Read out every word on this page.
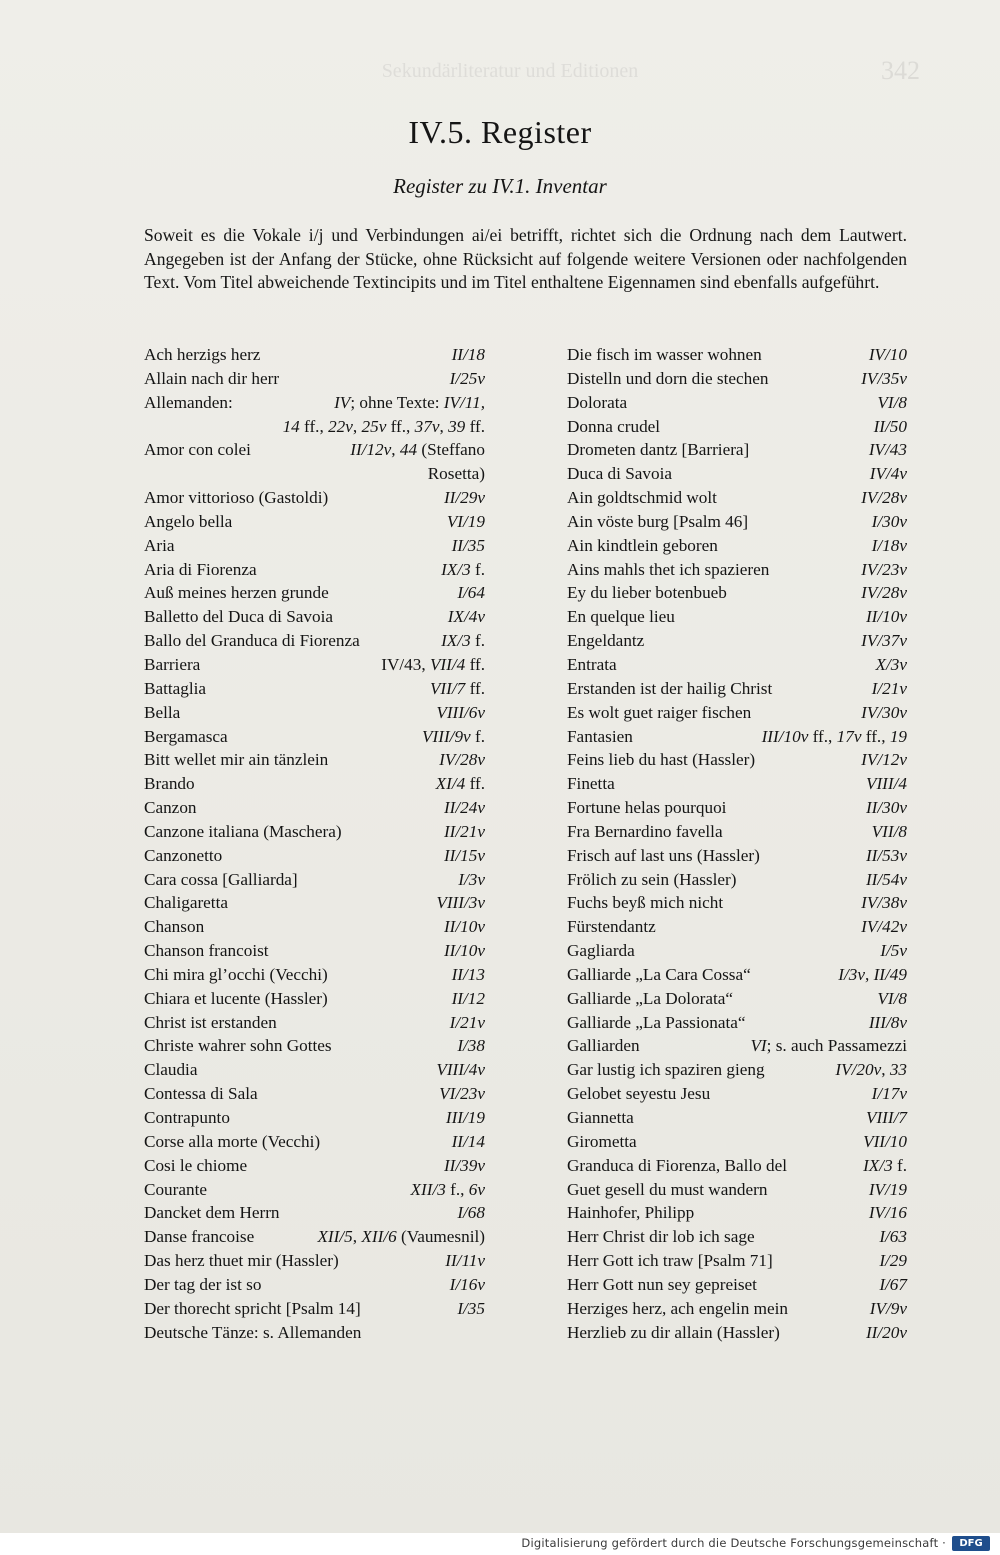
Sekundärliteratur und Editionen	342
IV.5. Register
Register zu IV.1. Inventar

Soweit es die Vokale i/j und Verbindungen ai/ei betrifft, richtet sich die Ordnung nach dem Lautwert. Angegeben ist der Anfang der Stücke, ohne Rücksicht auf folgende weitere Versionen oder nachfolgenden Text. Vom Titel abweichende Textincipits und im Titel enthaltene Eigennamen sind ebenfalls aufgeführt.

Ach herzigs herz	II/18
Allain nach dir herr	I/25v
Allemanden:	IV; ohne Texte: IV/11,
14 ff., 22v, 25v ff., 37v, 39 ff.
Amor con colei	II/12v, 44 (Steffano
Rosetta)
Amor vittorioso (Gastoldi)	II/29v
Angelo bella	VI/19
Aria	II/35
Aria di Fiorenza	IX/3 f.
Auß meines herzen grunde	I/64
Balletto del Duca di Savoia	IX/4v
Ballo del Granduca di Fiorenza	IX/3 f.
Barriera	IV/43, VII/4 ff.
Battaglia	VII/7 ff.
Bella	VIII/6v
Bergamasca	VIII/9v f.
Bitt wellet mir ain tänzlein	IV/28v
Brando	XI/4 ff.
Canzon	II/24v
Canzone italiana (Maschera)	II/21v
Canzonetto	II/15v
Cara cossa [Galliarda]	I/3v
Chaligaretta	VIII/3v
Chanson	II/10v
Chanson francoist	II/10v
Chi mira gl’occhi (Vecchi)	II/13
Chiara et lucente (Hassler)	II/12
Christ ist erstanden	I/21v
Christe wahrer sohn Gottes	I/38
Claudia	VIII/4v
Contessa di Sala	VI/23v
Contrapunto	III/19
Corse alla morte (Vecchi)	II/14
Cosi le chiome	II/39v
Courante	XII/3 f., 6v
Dancket dem Herrn	I/68
Danse francoise	XII/5, XII/6 (Vaumesnil)
Das herz thuet mir (Hassler)	II/11v
Der tag der ist so	I/16v
Der thorecht spricht [Psalm 14]	I/35
Deutsche Tänze: s. Allemanden
Die fisch im wasser wohnen	IV/10
Distelln und dorn die stechen	IV/35v
Dolorata	VI/8
Donna crudel	II/50
Drometen dantz [Barriera]	IV/43
Duca di Savoia	IV/4v
Ain goldtschmid wolt	IV/28v
Ain vöste burg [Psalm 46]	I/30v
Ain kindtlein geboren	I/18v
Ains mahls thet ich spazieren	IV/23v
Ey du lieber botenbueb	IV/28v
En quelque lieu	II/10v
Engeldantz	IV/37v
Entrata	X/3v
Erstanden ist der hailig Christ	I/21v
Es wolt guet raiger fischen	IV/30v
Fantasien	III/10v ff., 17v ff., 19
Feins lieb du hast (Hassler)	IV/12v
Finetta	VIII/4
Fortune helas pourquoi	II/30v
Fra Bernardino favella	VII/8
Frisch auf last uns (Hassler)	II/53v
Frölich zu sein (Hassler)	II/54v
Fuchs beyß mich nicht	IV/38v
Fürstendantz	IV/42v
Gagliarda	I/5v
Galliarde „La Cara Cossa“	I/3v, II/49
Galliarde „La Dolorata“	VI/8
Galliarde „La Passionata“	III/8v
Galliarden	VI; s. auch Passamezzi
Gar lustig ich spaziren gieng	IV/20v, 33
Gelobet seyestu Jesu	I/17v
Giannetta	VIII/7
Girometta	VII/10
Granduca di Fiorenza, Ballo del	IX/3 f.
Guet gesell du must wandern	IV/19
Hainhofer, Philipp	IV/16
Herr Christ dir lob ich sage	I/63
Herr Gott ich traw [Psalm 71]	I/29
Herr Gott nun sey gepreiset	I/67
Herziges herz, ach engelin mein	IV/9v
Herzlieb zu dir allain (Hassler)	II/20v
Digitalisierung gefördert durch die Deutsche Forschungsgemeinschaft ·	DFG
